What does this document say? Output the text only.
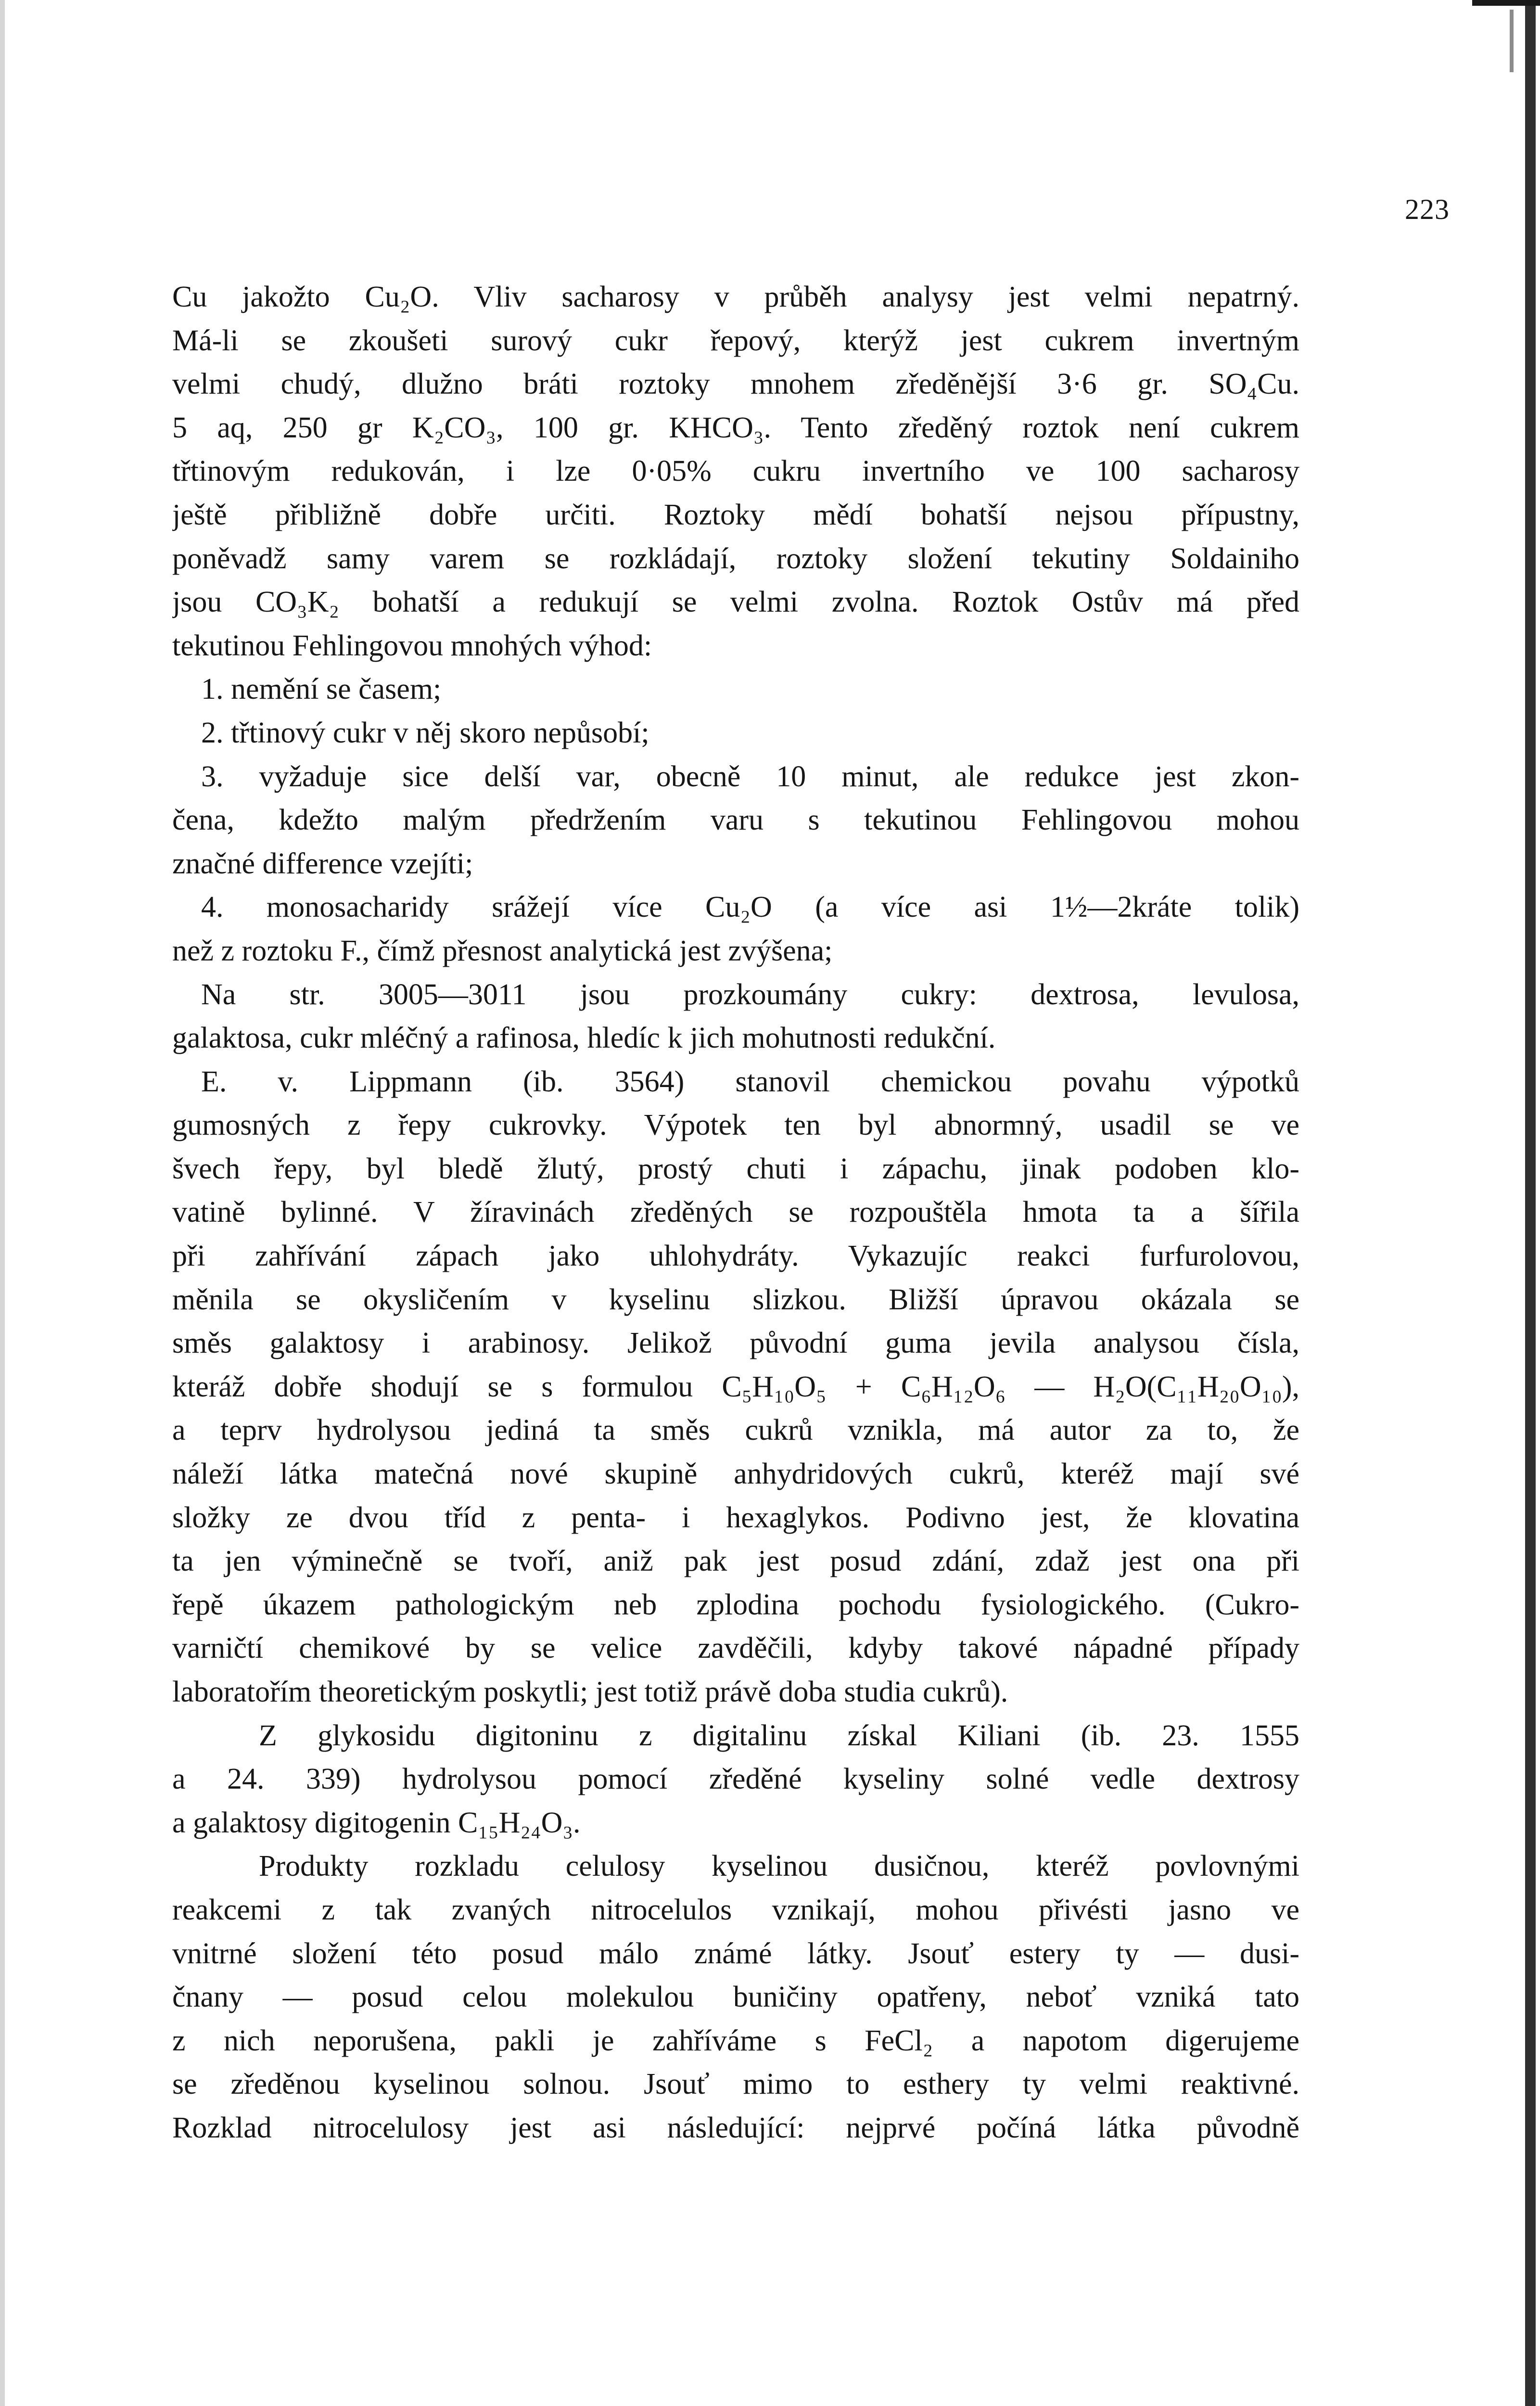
223

Cu jakožto Cu₂O. Vliv sacharosy v průběh analysy jest velmi nepatrný.
Má-li se zkoušeti surový cukr řepový, kterýž jest cukrem invertným
velmi chudý, dlužno bráti roztoky mnohem zředěnější 3·6 gr. SO₄Cu.
5 aq, 250 gr K₂CO₃, 100 gr. KHCO₃. Tento zředěný roztok není cukrem
třtinovým redukován, i lze 0·05% cukru invertního ve 100 sacharosy
ještě přibližně dobře určiti. Roztoky mědí bohatší nejsou přípustny,
poněvadž samy varem se rozkládají, roztoky složení tekutiny Soldainiho
jsou CO₃K₂ bohatší a redukují se velmi zvolna. Roztok Ostův má před
tekutinou Fehlingovou mnohých výhod:

1. nemění se časem;

2. třtinový cukr v něj skoro nepůsobí;

3. vyžaduje sice delší var, obecně 10 minut, ale redukce jest zkon-
čena, kdežto malým předržením varu s tekutinou Fehlingovou mohou
značné difference vzejíti;

4. monosacharidy srážejí více Cu₂O (a více asi 1½—2kráte tolik)
než z roztoku F., čímž přesnost analytická jest zvýšena;

Na str. 3005—3011 jsou prozkoumány cukry: dextrosa, levulosa,
galaktosa, cukr mléčný a rafinosa, hledíc k jich mohutnosti redukční.

E. v. Lippmann (ib. 3564) stanovil chemickou povahu výpotků
gumosných z řepy cukrovky. Výpotek ten byl abnormný, usadil se ve
švech řepy, byl bledě žlutý, prostý chuti i zápachu, jinak podoben klo-
vatině bylinné. V žíravinách zředěných se rozpouštěla hmota ta a šířila
při zahřívání zápach jako uhlohydráty. Vykazujíc reakci furfurolovou,
měnila se okysličením v kyselinu slizkou. Bližší úpravou okázala se
směs galaktosy i arabinosy. Jelikož původní guma jevila analysou čísla,
kteráž dobře shodují se s formulou C₅H₁₀O₅ + C₆H₁₂O₆ — H₂O(C₁₁H₂₀O₁₀),
a teprv hydrolysou jediná ta směs cukrů vznikla, má autor za to, že
náleží látka matečná nové skupině anhydridových cukrů, kteréž mají své
složky ze dvou tříd z penta- i hexaglykos. Podivno jest, že klovatina
ta jen výminečně se tvoří, aniž pak jest posud zdání, zdaž jest ona při
řepě úkazem pathologickým neb zplodina pochodu fysiologického. (Cukro-
varničtí chemikové by se velice zavděčili, kdyby takové nápadné případy
laboratořím theoretickým poskytli; jest totiž právě doba studia cukrů).

Z glykosidu digitoninu z digitalinu získal Kiliani (ib. 23. 1555
a 24. 339) hydrolysou pomocí zředěné kyseliny solné vedle dextrosy
a galaktosy digitogenin C₁₅H₂₄O₃.

Produkty rozkladu celulosy kyselinou dusičnou, kteréž povlovnými
reakcemi z tak zvaných nitrocelulos vznikají, mohou přivésti jasno ve
vnitrné složení této posud málo známé látky. Jsouť estery ty — dusi-
čnany — posud celou molekulou buničiny opatřeny, neboť vzniká tato
z nich neporušena, pakli je zahříváme s FeCl₂ a napotom digerujeme
se zředěnou kyselinou solnou. Jsouť mimo to esthery ty velmi reaktivné.
Rozklad nitrocelulosy jest asi následující: nejprvé počíná látka původně
